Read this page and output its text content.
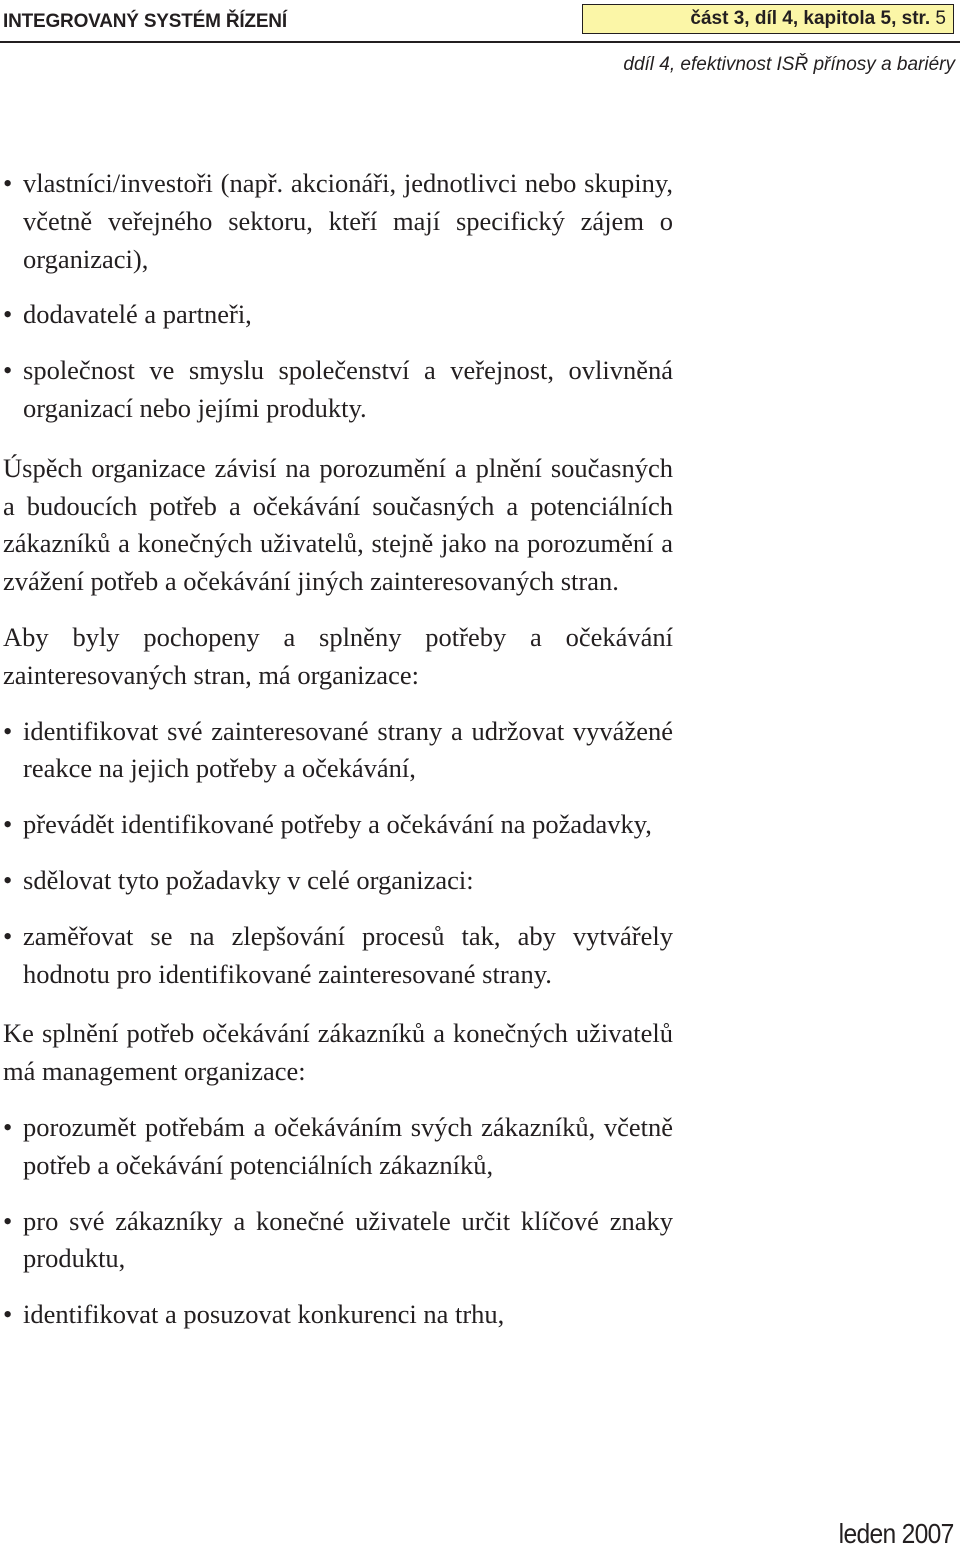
INTEGROVANÝ SYSTÉM ŘÍZENÍ	část 3, díl 4, kapitola 5, str. 5
ddíl 4, efektivnost ISŘ přínosy a bariéry
• vlastníci/investoři (např. akcionáři, jednotlivci nebo skupiny, včetně veřejného sektoru, kteří mají specifický zájem o organizaci),
• dodavatelé a partneři,
• společnost ve smyslu společenství a veřejnost, ovlivněná organizací nebo jejími produkty.

Úspěch organizace závisí na porozumění a plnění současných a budoucích potřeb a očekávání současných a potenciálních zákazníků a konečných uživatelů, stejně jako na porozumění a zvážení potřeb a očekávání jiných zainteresovaných stran.

Aby byly pochopeny a splněny potřeby a očekávání zainteresovaných stran, má organizace:

• identifikovat své zainteresované strany a udržovat vyvážené reakce na jejich potřeby a očekávání,
• převádět identifikované potřeby a očekávání na požadavky,
• sdělovat tyto požadavky v celé organizaci:
• zaměřovat se na zlepšování procesů tak, aby vytvářely hodnotu pro identifikované zainteresované strany.

Ke splnění potřeb očekávání zákazníků a konečných uživatelů má management organizace:

• porozumět potřebám a očekáváním svých zákazníků, včetně potřeb a očekávání potenciálních zákazníků,
• pro své zákazníky a konečné uživatele určit klíčové znaky produktu,
• identifikovat a posuzovat konkurenci na trhu,
leden 2007
